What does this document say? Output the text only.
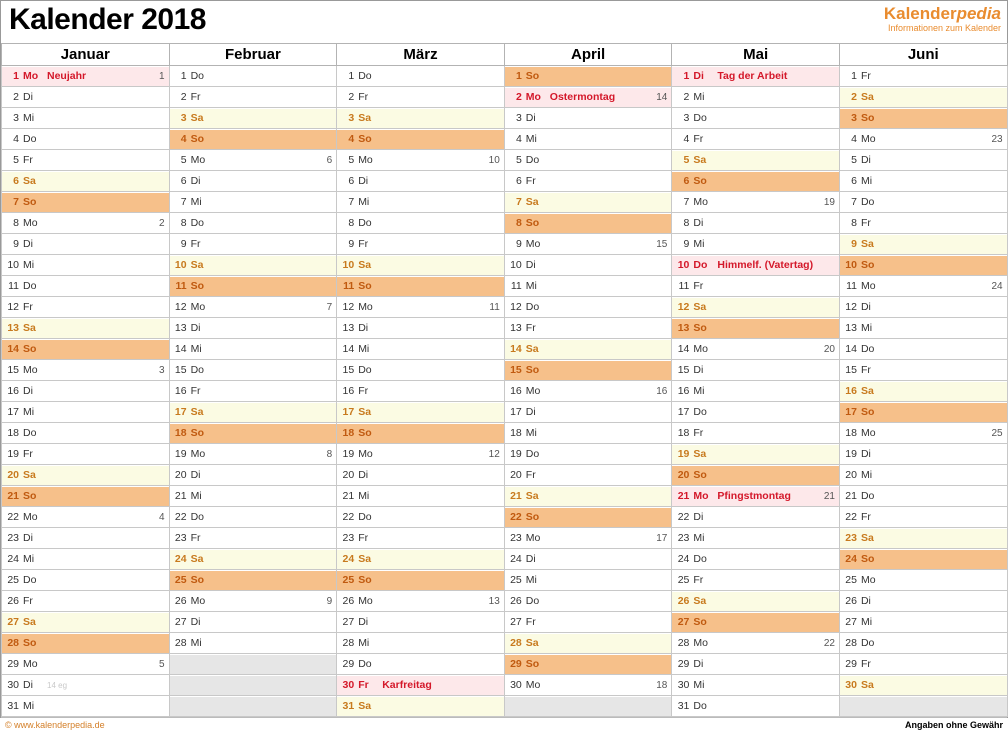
Kalender 2018	Kalenderpedia
Informationen zum Kalender
Januar	Februar	März	April	Mai	Juni

1 Mo Neujahr 1	1 Do	1 Do	1 So	1 Di Tag der Arbeit	1 Fr

2 Di	2 Fr	2 Fr	2 Mo Ostermontag 14	2 Mi	2 Sa

3 Mi	3 Sa	3 Sa	3 Di	3 Do	3 So

4 Do	4 So	4 So	4 Mi	4 Fr	4 Mo 23

5 Fr	5 Mo 6	5 Mo 10	5 Do	5 Sa	5 Di

6 Sa	6 Di	6 Di	6 Fr	6 So	6 Mi

7 So	7 Mi	7 Mi	7 Sa	7 Mo 19	7 Do

8 Mo 2	8 Do	8 Do	8 So	8 Di	8 Fr

9 Di	9 Fr	9 Fr	9 Mo 15	9 Mi	9 Sa

10 Mi	10 Sa	10 Sa	10 Di	10 Do Himmelf. (Vatertag)	10 So

11 Do	11 So	11 So	11 Mi	11 Fr	11 Mo 24

12 Fr	12 Mo 7	12 Mo 11	12 Do	12 Sa	12 Di

13 Sa	13 Di	13 Di	13 Fr	13 So	13 Mi

14 So	14 Mi	14 Mi	14 Sa	14 Mo 20	14 Do

15 Mo 3	15 Do	15 Do	15 So	15 Di	15 Fr

16 Di	16 Fr	16 Fr	16 Mo 16	16 Mi	16 Sa

17 Mi	17 Sa	17 Sa	17 Di	17 Do	17 So

18 Do	18 So	18 So	18 Mi	18 Fr	18 Mo 25

19 Fr	19 Mo 8	19 Mo 12	19 Do	19 Sa	19 Di

20 Sa	20 Di	20 Di	20 Fr	20 So	20 Mi

21 So	21 Mi	21 Mi	21 Sa	21 Mo Pfingstmontag 21	21 Do

22 Mo 4	22 Do	22 Do	22 So	22 Di	22 Fr

23 Di	23 Fr	23 Fr	23 Mo 17	23 Mi	23 Sa

24 Mi	24 Sa	24 Sa	24 Di	24 Do	24 So

25 Do	25 So	25 So	25 Mi	25 Fr	25 Mo

26 Fr	26 Mo 9	26 Mo 13	26 Do	26 Sa	26 Di

27 Sa	27 Di	27 Di	27 Fr	27 So	27 Mi

28 So	28 Mi	28 Mi	28 Sa	28 Mo 22	28 Do

29 Mo 5		29 Do	29 So	29 Di	29 Fr

30 Di 14 eg		30 Fr Karfreitag	30 Mo 18	30 Mi	30 Sa

31 Mi		31 Sa		31 Do	

© www.kalenderpedia.de	Angaben ohne Gewähr
